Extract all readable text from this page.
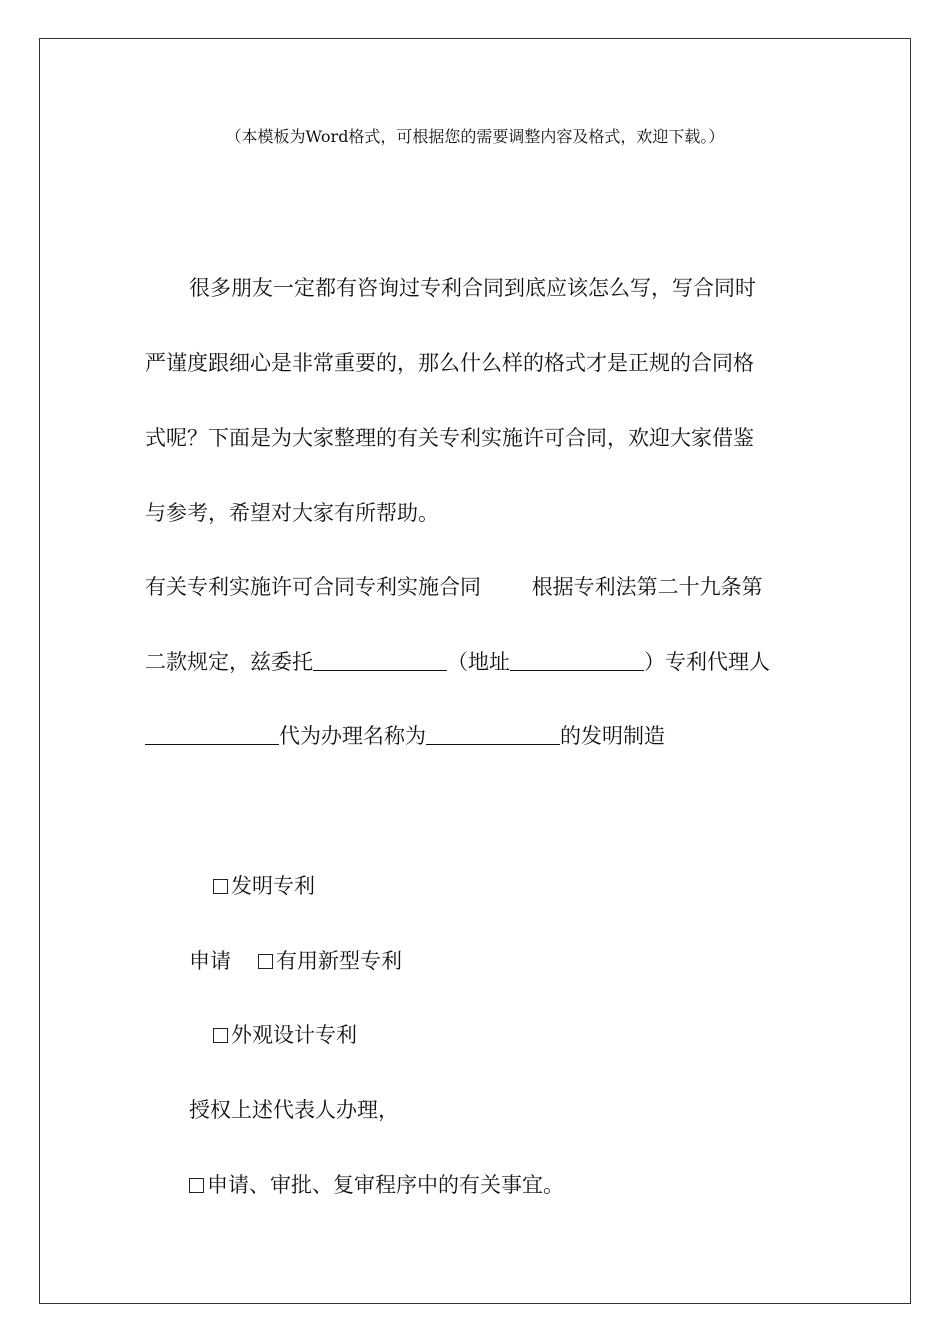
（本模板为Word格式，可根据您的需要调整内容及格式，欢迎下载。）
很多朋友一定都有咨询过专利合同到底应该怎么写，写合同时
严谨度跟细心是非常重要的，那么什么样的格式才是正规的合同格
式呢？下面是为大家整理的有关专利实施许可合同，欢迎大家借鉴
与参考，希望对大家有所帮助。
有关专利实施许可合同专利实施合同 根据专利法第二十九条第
二款规定，兹委托	（地址	）专利代理人
代为办理名称为	的发明制造
发明专利
申请	有用新型专利
外观设计专利
授权上述代表人办理，
申请、审批、复审程序中的有关事宜。
